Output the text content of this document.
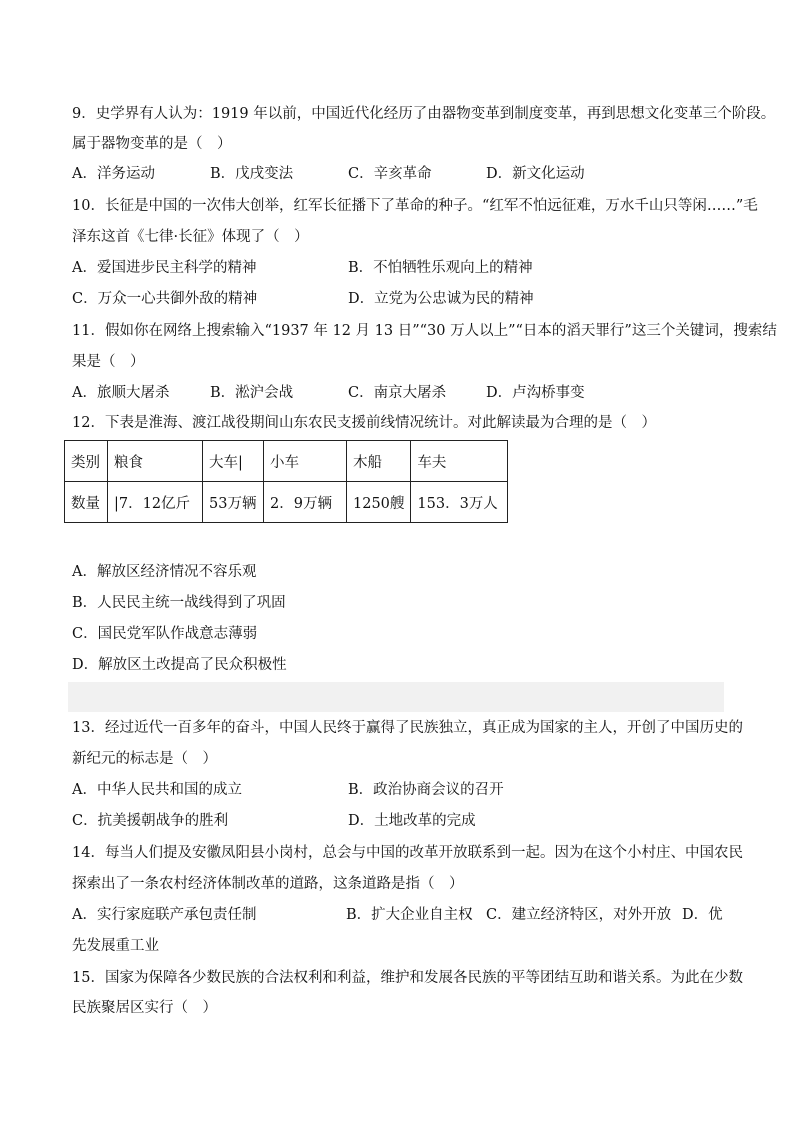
9．史学界有人认为：1919 年以前，中国近代化经历了由器物变革到制度变革，再到思想文化变革三个阶段。
属于器物变革的是（　）
A．洋务运动	B．戊戌变法	C．辛亥革命	D．新文化运动
10．长征是中国的一次伟大创举，红军长征播下了革命的种子。“红军不怕远征难，万水千山只等闲……”毛
泽东这首《七律·长征》体现了（　）
A．爱国进步民主科学的精神	B．不怕牺牲乐观向上的精神
C．万众一心共御外敌的精神	D．立党为公忠诚为民的精神
11．假如你在网络上搜索输入“1937 年 12 月 13 日”“30 万人以上”“日本的滔天罪行”这三个关键词，搜索结
果是（　）
A．旅顺大屠杀	B．淞沪会战	C．南京大屠杀	D．卢沟桥事变
12．下表是淮海、渡江战役期间山东农民支援前线情况统计。对此解读最为合理的是（　）
类别	粮食	大车|	小车	木船	车夫
数量	|7．12亿斤	53万辆	2．9万辆	1250艘	153．3万人
A．解放区经济情况不容乐观
B．人民民主统一战线得到了巩固
C．国民党军队作战意志薄弱
D．解放区土改提高了民众积极性
13．经过近代一百多年的奋斗，中国人民终于赢得了民族独立，真正成为国家的主人，开创了中国历史的
新纪元的标志是（　）
A．中华人民共和国的成立	B．政治协商会议的召开
C．抗美援朝战争的胜利	D．土地改革的完成
14．每当人们提及安徽凤阳县小岗村，总会与中国的改革开放联系到一起。因为在这个小村庄、中国农民
探索出了一条农村经济体制改革的道路，这条道路是指（　）
A．实行家庭联产承包责任制	B．扩大企业自主权 C．建立经济特区，对外开放 D．优
先发展重工业
15．国家为保障各少数民族的合法权利和利益，维护和发展各民族的平等团结互助和谐关系。为此在少数
民族聚居区实行（　）
